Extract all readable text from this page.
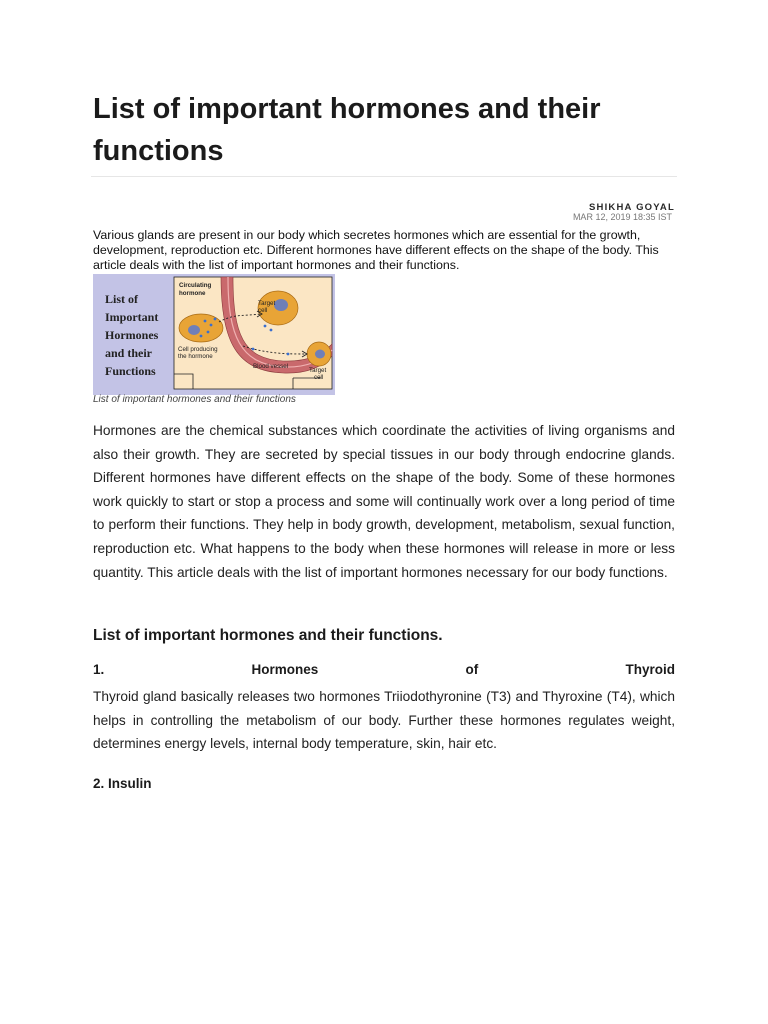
List of important hormones and their functions
SHIKHA GOYAL
MAR 12, 2019 18:35 IST

Various glands are present in our body which secretes hormones which are essential for the growth, development, reproduction etc. Different hormones have different effects on the shape of the body. This article deals with the list of important hormones and their functions.

List of
Important
Hormones
and their
Functions
Circulating
hormone
Target
cell
Cell producing
the hormone
Blood vessel
Target
cell
List of important hormones and their functions

Hormones are the chemical substances which coordinate the activities of living organisms and also their growth. They are secreted by special tissues in our body through endocrine glands. Different hormones have different effects on the shape of the body. Some of these hormones work quickly to start or stop a process and some will continually work over a long period of time to perform their functions. They help in body growth, development, metabolism, sexual function, reproduction etc. What happens to the body when these hormones will release in more or less quantity. This article deals with the list of important hormones necessary for our body functions.

List of important hormones and their functions.
1.	Hormones	of	Thyroid

Thyroid gland basically releases two hormones Triiodothyronine (T3) and Thyroxine (T4), which helps in controlling the metabolism of our body. Further these hormones regulates weight, determines energy levels, internal body temperature, skin, hair etc.

2. Insulin
